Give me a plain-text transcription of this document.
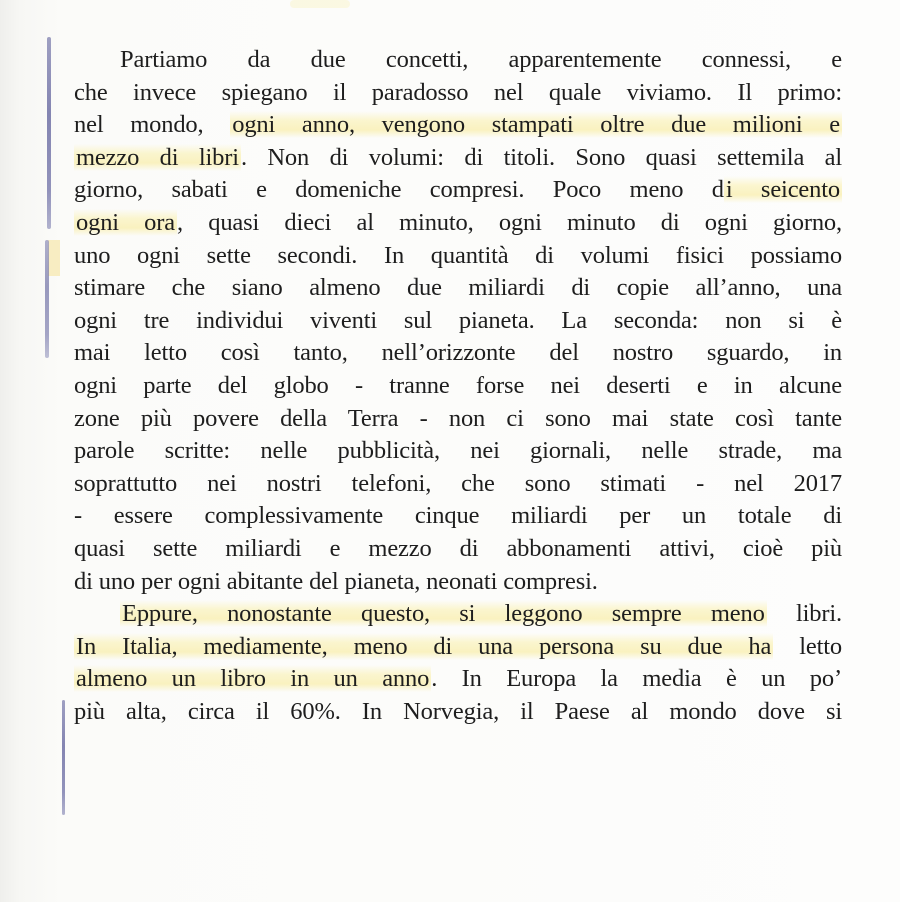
Partiamo da due concetti, apparentemente connessi, e
che invece spiegano il paradosso nel quale viviamo. Il primo:
nel mondo, ogni anno, vengono stampati oltre due milioni e
mezzo di libri. Non di volumi: di titoli. Sono quasi settemila al
giorno, sabati e domeniche compresi. Poco meno di seicento
ogni ora, quasi dieci al minuto, ogni minuto di ogni giorno,
uno ogni sette secondi. In quantità di volumi fisici possiamo
stimare che siano almeno due miliardi di copie all’anno, una
ogni tre individui viventi sul pianeta. La seconda: non si è
mai letto così tanto, nell’orizzonte del nostro sguardo, in
ogni parte del globo - tranne forse nei deserti e in alcune
zone più povere della Terra - non ci sono mai state così tante
parole scritte: nelle pubblicità, nei giornali, nelle strade, ma
soprattutto nei nostri telefoni, che sono stimati - nel 2017
- essere complessivamente cinque miliardi per un totale di
quasi sette miliardi e mezzo di abbonamenti attivi, cioè più
di uno per ogni abitante del pianeta, neonati compresi.
Eppure, nonostante questo, si leggono sempre meno libri.
In Italia, mediamente, meno di una persona su due ha letto
almeno un libro in un anno. In Europa la media è un po’
più alta, circa il 60%. In Norvegia, il Paese al mondo dove si
